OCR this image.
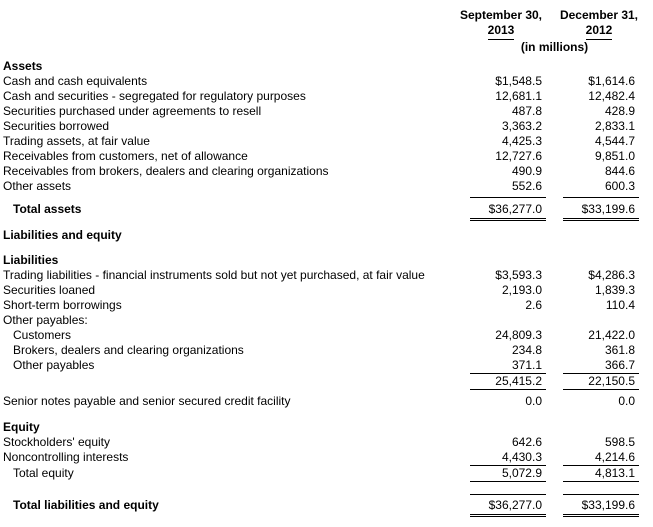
September 30,
2013
December 31,
2012
(in millions)
Assets
Cash and cash equivalents	$1,548.5	$1,614.6
Cash and securities - segregated for regulatory purposes	12,681.1	12,482.4
Securities purchased under agreements to resell	487.8	428.9
Securities borrowed	3,363.2	2,833.1
Trading assets, at fair value	4,425.3	4,544.7
Receivables from customers, net of allowance	12,727.6	9,851.0
Receivables from brokers, dealers and clearing organizations	490.9	844.6
Other assets	552.6	600.3
Total assets	$36,277.0	$33,199.6
Liabilities and equity
Liabilities
Trading liabilities - financial instruments sold but not yet purchased, at fair value	$3,593.3	$4,286.3
Securities loaned	2,193.0	1,839.3
Short-term borrowings	2.6	110.4
Other payables:
Customers	24,809.3	21,422.0
Brokers, dealers and clearing organizations	234.8	361.8
Other payables	371.1	366.7
25,415.2	22,150.5
Senior notes payable and senior secured credit facility	0.0	0.0
Equity
Stockholders' equity	642.6	598.5
Noncontrolling interests	4,430.3	4,214.6
Total equity	5,072.9	4,813.1
Total liabilities and equity	$36,277.0	$33,199.6
